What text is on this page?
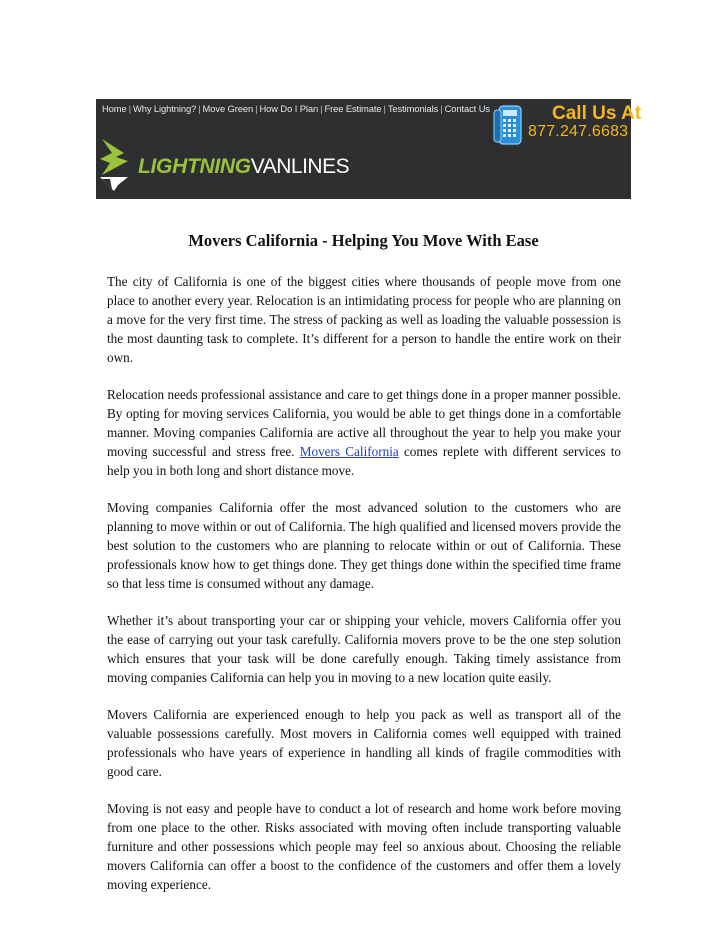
Home | Why Lightning? | Move Green | How Do I Plan | Free Estimate | Testimonials | Contact Us
LIGHTNINGVANLINES
Call Us At
877.247.6683
Movers California - Helping You Move With Ease

The city of California is one of the biggest cities where thousands of people move from one place to another every year. Relocation is an intimidating process for people who are planning on a move for the very first time. The stress of packing as well as loading the valuable possession is the most daunting task to complete. It’s different for a person to handle the entire work on their own.

Relocation needs professional assistance and care to get things done in a proper manner possible. By opting for moving services California, you would be able to get things done in a comfortable manner. Moving companies California are active all throughout the year to help you make your moving successful and stress free. Movers California comes replete with different services to help you in both long and short distance move.

Moving companies California offer the most advanced solution to the customers who are planning to move within or out of California. The high qualified and licensed movers provide the best solution to the customers who are planning to relocate within or out of California. These professionals know how to get things done. They get things done within the specified time frame so that less time is consumed without any damage.

Whether it’s about transporting your car or shipping your vehicle, movers California offer you the ease of carrying out your task carefully. California movers prove to be the one step solution which ensures that your task will be done carefully enough. Taking timely assistance from moving companies California can help you in moving to a new location quite easily.

Movers California are experienced enough to help you pack as well as transport all of the valuable possessions carefully. Most movers in California comes well equipped with trained professionals who have years of experience in handling all kinds of fragile commodities with good care.

Moving is not easy and people have to conduct a lot of research and home work before moving from one place to the other. Risks associated with moving often include transporting valuable furniture and other possessions which people may feel so anxious about. Choosing the reliable movers California can offer a boost to the confidence of the customers and offer them a lovely moving experience.
